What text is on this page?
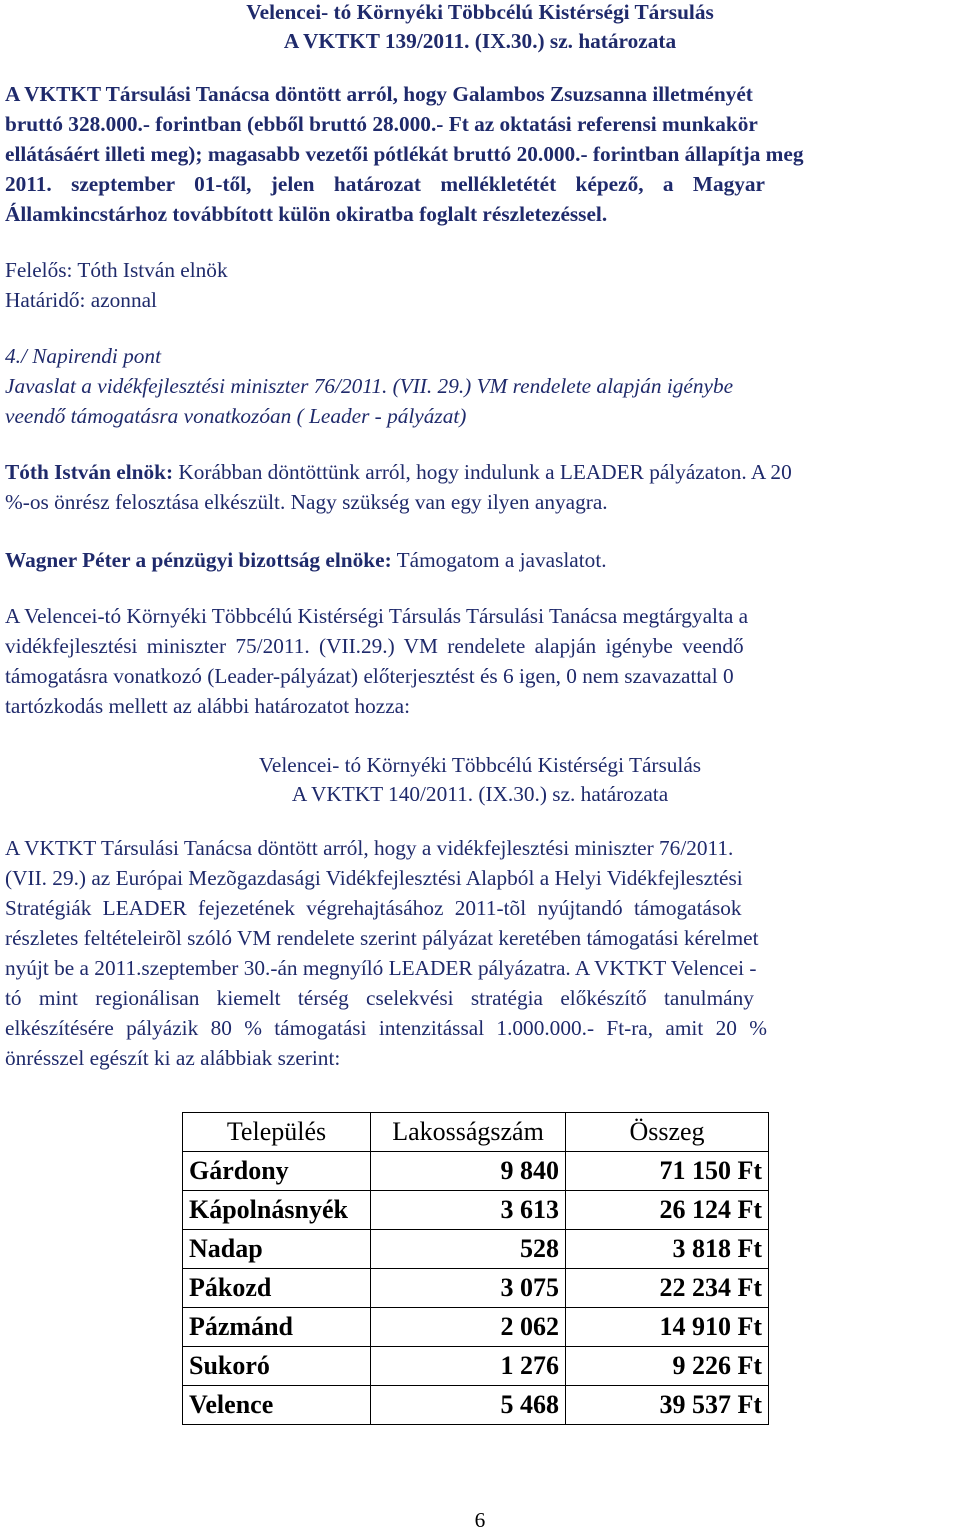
Velencei- tó Környéki Többcélú Kistérségi Társulás

A VKTKT 139/2011. (IX.30.) sz. határozata

A VKTKT Társulási Tanácsa döntött arról, hogy Galambos Zsuzsanna illetményét

bruttó 328.000.- forintban (ebből bruttó 28.000.- Ft az oktatási referensi munkakör

ellátásáért illeti meg); magasabb vezetői pótlékát bruttó 20.000.- forintban állapítja meg

2011. szeptember 01-től, jelen határozat mellékletétét képező, a Magyar

Államkincstárhoz továbbított külön okiratba foglalt részletezéssel.

Felelős: Tóth István elnök

Határidő: azonnal

4./ Napirendi pont

Javaslat a vidékfejlesztési miniszter 76/2011. (VII. 29.) VM rendelete alapján igénybe

veendő támogatásra vonatkozóan ( Leader - pályázat)

Tóth István elnök: Korábban döntöttünk arról, hogy indulunk a LEADER pályázaton. A 20

%-os önrész felosztása elkészült. Nagy szükség van egy ilyen anyagra.

Wagner Péter a pénzügyi bizottság elnöke: Támogatom a javaslatot.

A Velencei-tó Környéki Többcélú Kistérségi Társulás Társulási Tanácsa megtárgyalta a

vidékfejlesztési miniszter 75/2011. (VII.29.) VM rendelete alapján igénybe veendő

támogatásra vonatkozó (Leader-pályázat) előterjesztést és 6 igen, 0 nem szavazattal 0

tartózkodás mellett az alábbi határozatot hozza:

Velencei- tó Környéki Többcélú Kistérségi Társulás

A VKTKT 140/2011. (IX.30.) sz. határozata

A VKTKT Társulási Tanácsa döntött arról, hogy a vidékfejlesztési miniszter 76/2011.

(VII. 29.) az Európai Mezõgazdasági Vidékfejlesztési Alapból a Helyi Vidékfejlesztési

Stratégiák LEADER fejezetének végrehajtásához 2011-tõl nyújtandó támogatások

részletes feltételeirõl szóló VM rendelete szerint pályázat keretében támogatási kérelmet

nyújt be a 2011.szeptember 30.-án megnyíló LEADER pályázatra. A VKTKT Velencei -

tó mint regionálisan kiemelt térség cselekvési stratégia előkészítő tanulmány

elkészítésére pályázik 80 % támogatási intenzitással 1.000.000.- Ft-ra, amit 20 %

önrésszel egészít ki az alábbiak szerint:

Település	Lakosságszám	Összeg
Gárdony	9 840	71 150 Ft
Kápolnásnyék	3 613	26 124 Ft
Nadap	528	3 818 Ft
Pákozd	3 075	22 234 Ft
Pázmánd	2 062	14 910 Ft
Sukoró	1 276	9 226 Ft
Velence	5 468	39 537 Ft

6
